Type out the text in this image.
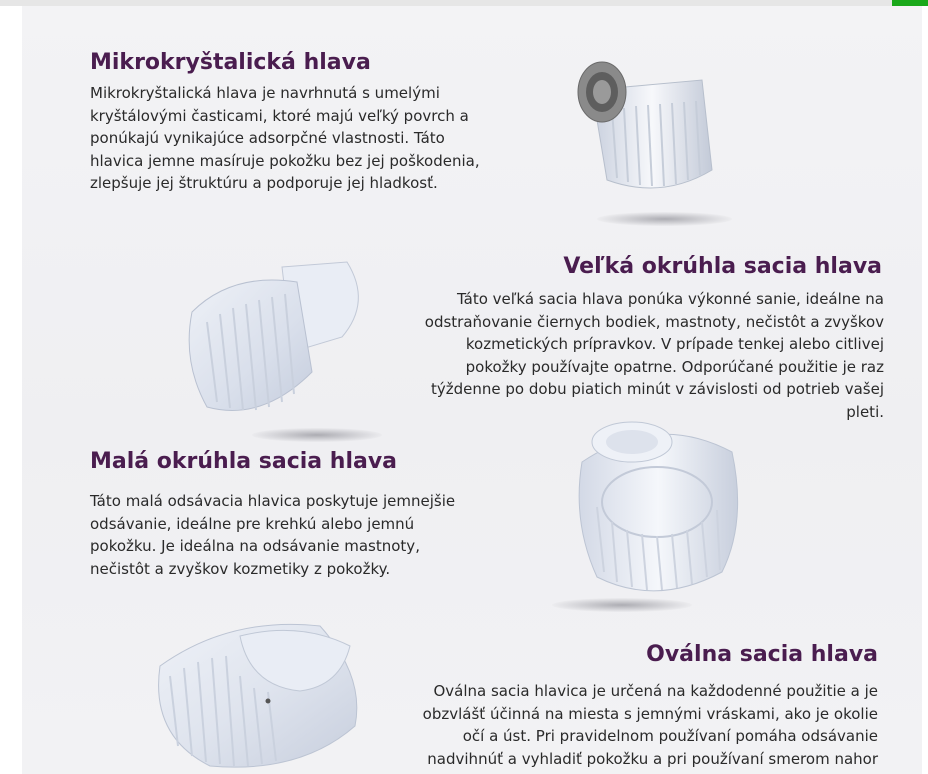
Mikrokryštalická hlava
Mikrokryštalická hlava je navrhnutá s umelými
kryštálovými časticami, ktoré majú veľký povrch a
ponúkajú vynikajúce adsorpčné vlastnosti. Táto
hlavica jemne masíruje pokožku bez jej poškodenia,
zlepšuje jej štruktúru a podporuje jej hladkosť.
Veľká okrúhla sacia hlava
Táto veľká sacia hlava ponúka výkonné sanie, ideálne na
odstraňovanie čiernych bodiek, mastnoty, nečistôt a zvyškov
kozmetických prípravkov. V prípade tenkej alebo citlivej
pokožky používajte opatrne. Odporúčané použitie je raz
týždenne po dobu piatich minút v závislosti od potrieb vašej
pleti.
Malá okrúhla sacia hlava
Táto malá odsávacia hlavica poskytuje jemnejšie
odsávanie, ideálne pre krehkú alebo jemnú
pokožku. Je ideálna na odsávanie mastnoty,
nečistôt a zvyškov kozmetiky z pokožky.
Oválna sacia hlava
Oválna sacia hlavica je určená na každodenné použitie a je
obzvlášť účinná na miesta s jemnými vráskami, ako je okolie
očí a úst. Pri pravidelnom používaní pomáha odsávanie
nadvihnúť a vyhladiť pokožku a pri používaní smerom nahor
